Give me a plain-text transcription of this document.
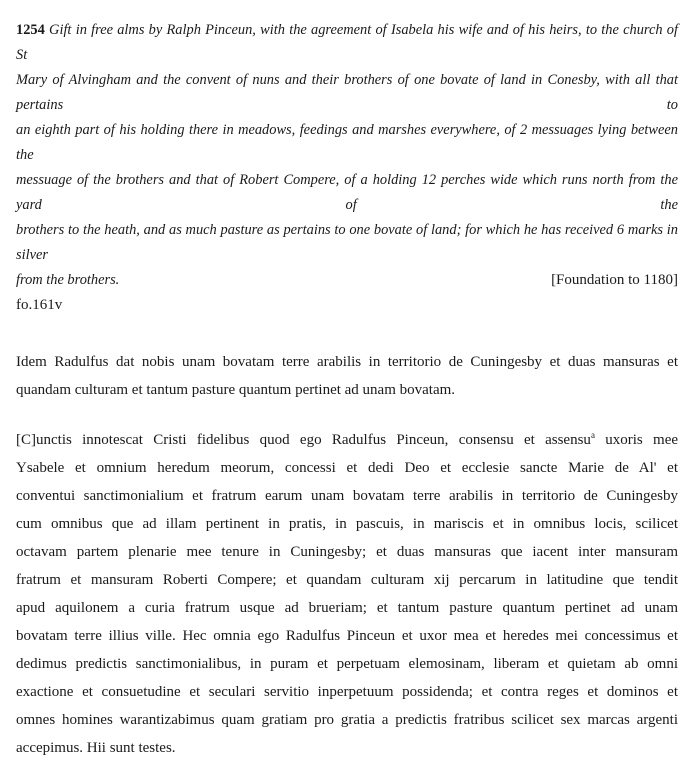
1254 Gift in free alms by Ralph Pinceun, with the agreement of Isabela his wife and of his heirs, to the church of St
Mary of Alvingham and the convent of nuns and their brothers of one bovate of land in Conesby, with all that pertains to
an eighth part of his holding there in meadows, feedings and marshes everywhere, of 2 messuages lying between the
messuage of the brothers and that of Robert Compere, of a holding 12 perches wide which runs north from the yard of the
brothers to the heath, and as much pasture as pertains to one bovate of land; for which he has received 6 marks in silver
from the brothers.	[Foundation to 1180]

fo.161v

Idem Radulfus dat nobis unam bovatam terre arabilis in territorio de Cuningesby et duas mansuras et
quandam culturam et tantum pasture quantum pertinet ad unam bovatam.
[C]unctis innotescat Cristi fidelibus quod ego Radulfus Pinceun, consensu et assensu$^a$ uxoris mee
Ysabele et omnium heredum meorum, concessi et dedi Deo et ecclesie sancte Marie de Al' et
conventui sanctimonialium et fratrum earum unam bovatam terre arabilis in territorio de Cuningesby
cum omnibus que ad illam pertinent in pratis, in pascuis, in mariscis et in omnibus locis, scilicet
octavam partem plenarie mee tenure in Cuningesby; et duas mansuras que iacent inter mansuram
fratrum et mansuram Roberti Compere; et quandam culturam xij percarum in latitudine que tendit
apud aquilonem a curia fratrum usque ad brueriam; et tantum pasture quantum pertinet ad unam
bovatam terre illius ville. Hec omnia ego Radulfus Pinceun et uxor mea et heredes mei concessimus et
dedimus predictis sanctimonialibus, in puram et perpetuam elemosinam, liberam et quietam ab omni
exactione et consuetudine et seculari servitio inperpetuum possidenda; et contra reges et dominos et
omnes homines warantizabimus quam gratiam pro gratia a predictis fratribus scilicet sex marcas argenti
accepimus. Hii sunt testes.
